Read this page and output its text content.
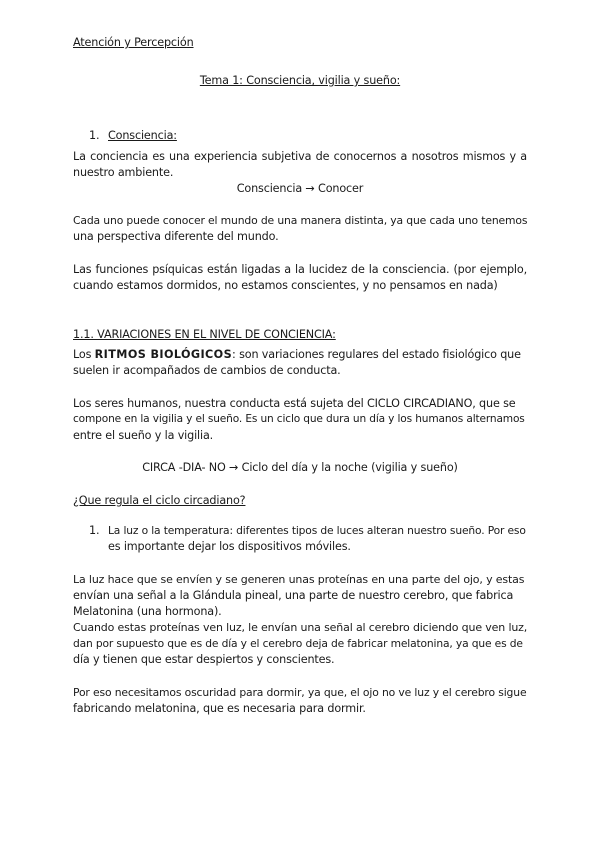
Atención y Percepción
Tema 1: Consciencia, vigilia y sueño:
1. Consciencia:
La conciencia es una experiencia subjetiva de conocernos a nosotros mismos y a
nuestro ambiente.
Consciencia → Conocer
Cada uno puede conocer el mundo de una manera distinta, ya que cada uno tenemos
una perspectiva diferente del mundo.
Las funciones psíquicas están ligadas a la lucidez de la consciencia. (por ejemplo,
cuando estamos dormidos, no estamos conscientes, y no pensamos en nada)
1.1. VARIACIONES EN EL NIVEL DE CONCIENCIA:
Los RITMOS BIOLÓGICOS: son variaciones regulares del estado fisiológico que
suelen ir acompañados de cambios de conducta.
Los seres humanos, nuestra conducta está sujeta del CICLO CIRCADIANO, que se
compone en la vigilia y el sueño. Es un ciclo que dura un día y los humanos alternamos
entre el sueño y la vigilia.
CIRCA -DIA- NO → Ciclo del día y la noche (vigilia y sueño)
¿Que regula el ciclo circadiano?
1. La luz o la temperatura: diferentes tipos de luces alteran nuestro sueño. Por eso
es importante dejar los dispositivos móviles.
La luz hace que se envíen y se generen unas proteínas en una parte del ojo, y estas
envían una señal a la Glándula pineal, una parte de nuestro cerebro, que fabrica
Melatonina (una hormona).
Cuando estas proteínas ven luz, le envían una señal al cerebro diciendo que ven luz,
dan por supuesto que es de día y el cerebro deja de fabricar melatonina, ya que es de
día y tienen que estar despiertos y conscientes.
Por eso necesitamos oscuridad para dormir, ya que, el ojo no ve luz y el cerebro sigue
fabricando melatonina, que es necesaria para dormir.
